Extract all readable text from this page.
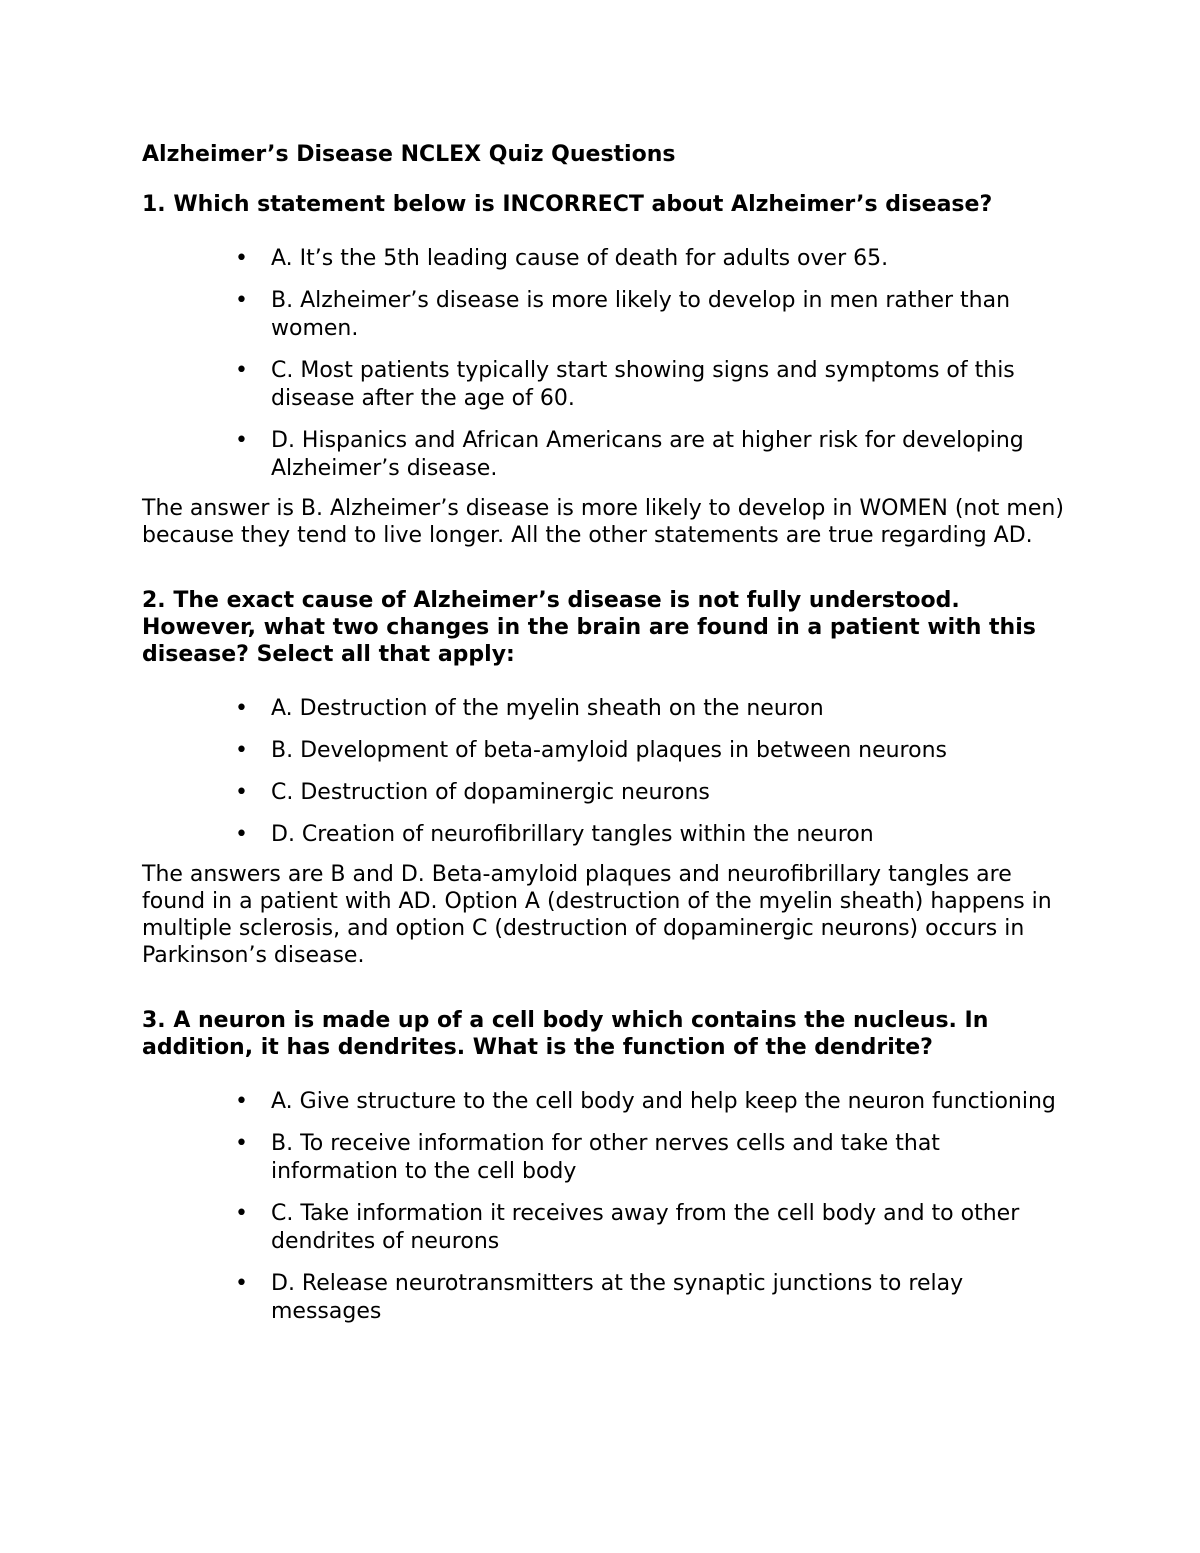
Alzheimer’s Disease NCLEX Quiz Questions
1. Which statement below is INCORRECT about Alzheimer’s disease?
• A. It’s the 5th leading cause of death for adults over 65.
• B. Alzheimer’s disease is more likely to develop in men rather than women.
• C. Most patients typically start showing signs and symptoms of this disease after the age of 60.
• D. Hispanics and African Americans are at higher risk for developing Alzheimer’s disease.
The answer is B. Alzheimer’s disease is more likely to develop in WOMEN (not men) because they tend to live longer. All the other statements are true regarding AD.
2. The exact cause of Alzheimer’s disease is not fully understood. However, what two changes in the brain are found in a patient with this disease? Select all that apply:
• A. Destruction of the myelin sheath on the neuron
• B. Development of beta-amyloid plaques in between neurons
• C. Destruction of dopaminergic neurons
• D. Creation of neurofibrillary tangles within the neuron
The answers are B and D. Beta-amyloid plaques and neurofibrillary tangles are found in a patient with AD. Option A (destruction of the myelin sheath) happens in multiple sclerosis, and option C (destruction of dopaminergic neurons) occurs in Parkinson’s disease.
3. A neuron is made up of a cell body which contains the nucleus. In addition, it has dendrites. What is the function of the dendrite?
• A. Give structure to the cell body and help keep the neuron functioning
• B. To receive information for other nerves cells and take that information to the cell body
• C. Take information it receives away from the cell body and to other dendrites of neurons
• D. Release neurotransmitters at the synaptic junctions to relay messages
